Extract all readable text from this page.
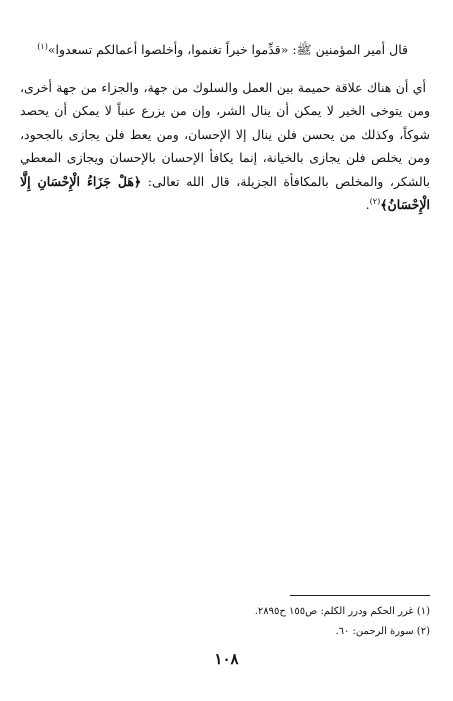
قال أمير المؤمنين ﷺ: «قدِّموا خيراً تغنموا، وأخلصوا أعمالكم تسعدوا»$^{(١)}$

أي أن هناك علاقة حميمة بين العمل والسلوك من جهة، والجزاء من جهة أخرى، ومن يتوخى الخير لا يمكن أن ينال الشر، وإن من يزرع عنباً لا يمكن أن يحصد شوكاً، وكذلك من يحسن فلن ينال إلا الإحسان، ومن يعط فلن يجازى بالجحود، ومن يخلص فلن يجازى بالخيانة، إنما يكافأ الإحسان بالإحسان ويجازى المعطي بالشكر، والمخلص بالمكافأة الجزيلة، قال الله تعالى: ﴿هَلْ جَزَاءُ الْإِحْسَانِ إِلَّا الْإِحْسَانُ﴾$^{(٢)}$.

(١) غرر الحكم ودرر الكلم: ص١٥٥ ح٢٨٩٥.
(٢) سورة الرحمن: ٦٠.
١٠٨
